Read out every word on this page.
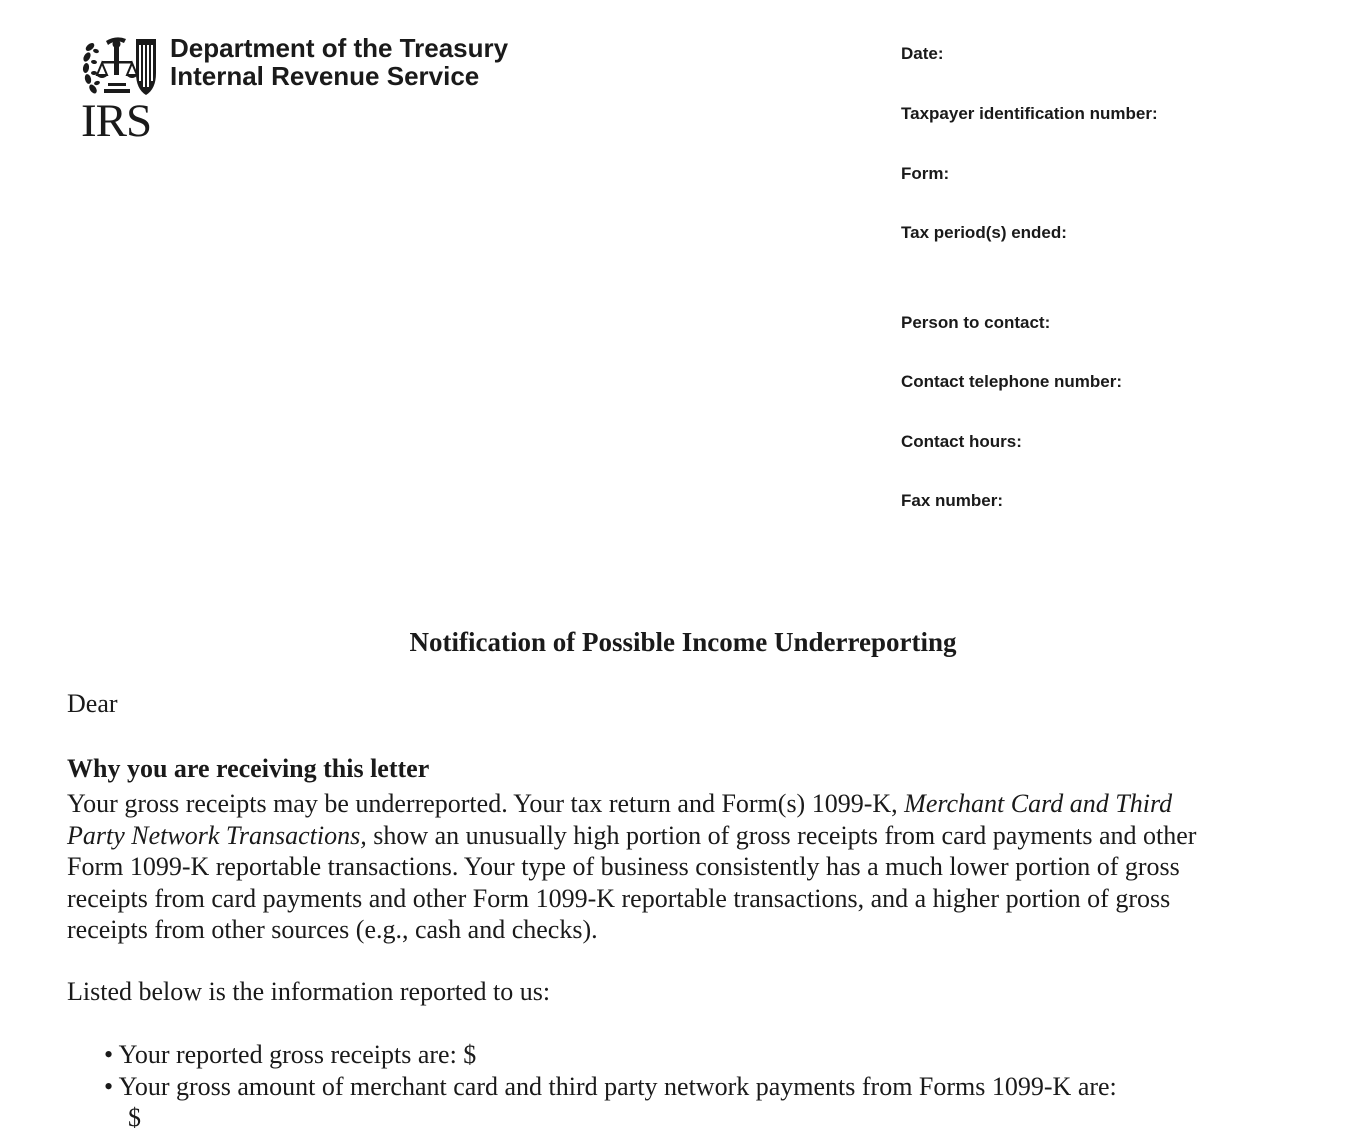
IRS
Department of the Treasury
Internal Revenue Service
Date:
Taxpayer identification number:
Form:
Tax period(s) ended:
Person to contact:
Contact telephone number:
Contact hours:
Fax number:
Notification of Possible Income Underreporting
Dear
Why you are receiving this letter
Your gross receipts may be underreported. Your tax return and Form(s) 1099-K, Merchant Card and Third
Party Network Transactions, show an unusually high portion of gross receipts from card payments and other
Form 1099-K reportable transactions. Your type of business consistently has a much lower portion of gross
receipts from card payments and other Form 1099-K reportable transactions, and a higher portion of gross
receipts from other sources (e.g., cash and checks).
Listed below is the information reported to us:
• Your reported gross receipts are: $
• Your gross amount of merchant card and third party network payments from Forms 1099-K are:
$
